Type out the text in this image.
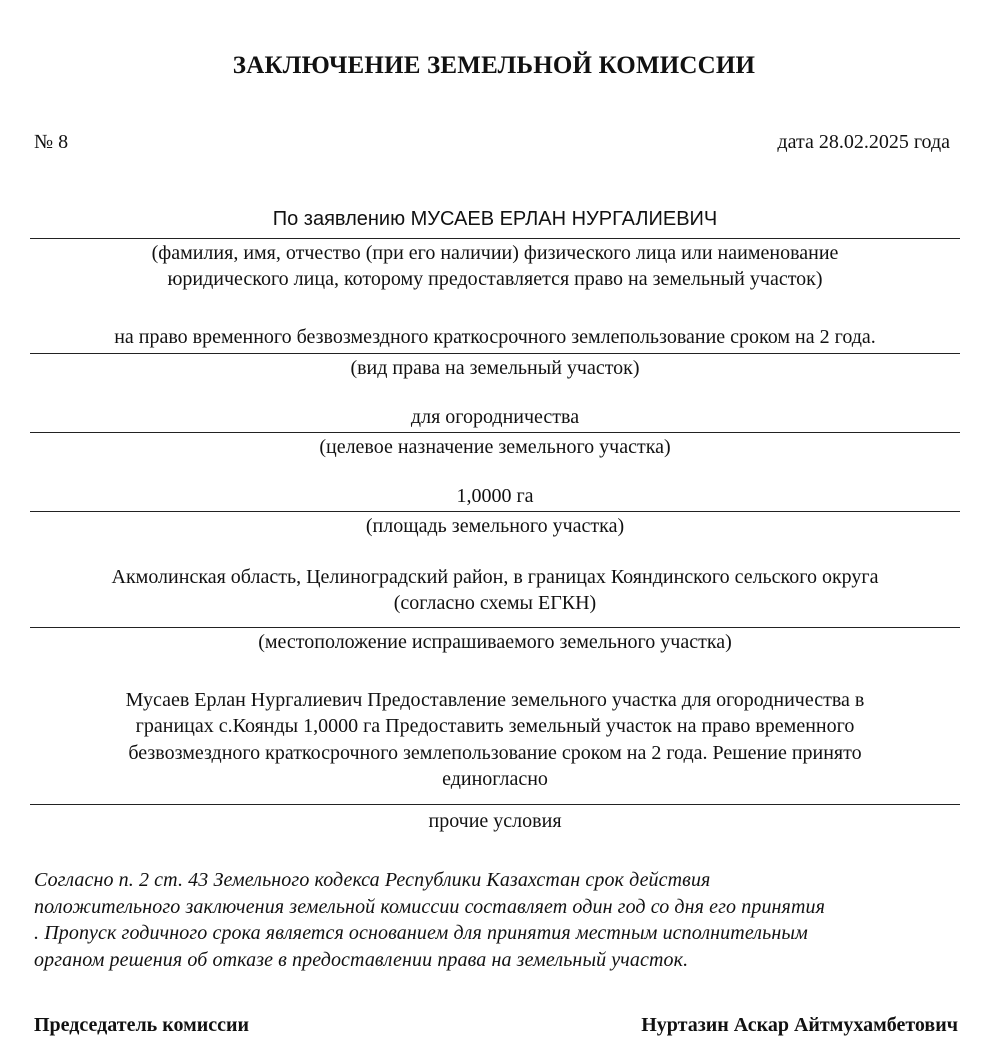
ЗАКЛЮЧЕНИЕ ЗЕМЕЛЬНОЙ КОМИССИИ
№ 8	дата 28.02.2025 года
По заявлению МУСАЕВ ЕРЛАН НУРГАЛИЕВИЧ
(фамилия, имя, отчество (при его наличии) физического лица или наименование
юридического лица, которому предоставляется право на земельный участок)
на право временного безвозмездного краткосрочного землепользование сроком на 2 года.
(вид права на земельный участок)
для огородничества
(целевое назначение земельного участка)
1,0000 га
(площадь земельного участка)
Акмолинская область, Целиноградский район, в границах Кояндинского сельского округа
(согласно схемы ЕГКН)
(местоположение испрашиваемого земельного участка)
Мусаев Ерлан Нургалиевич Предоставление земельного участка для огородничества в
границах с.Коянды 1,0000 га Предоставить земельный участок на право временного
безвозмездного краткосрочного землепользование сроком на 2 года. Решение принято
единогласно
прочие условия
Согласно п. 2 ст. 43 Земельного кодекса Республики Казахстан срок действия
положительного заключения земельной комиссии составляет один год со дня его принятия
. Пропуск годичного срока является основанием для принятия местным исполнительным
органом решения об отказе в предоставлении права на земельный участок.
Председатель комиссии	Нуртазин Аскар Айтмухамбетович
